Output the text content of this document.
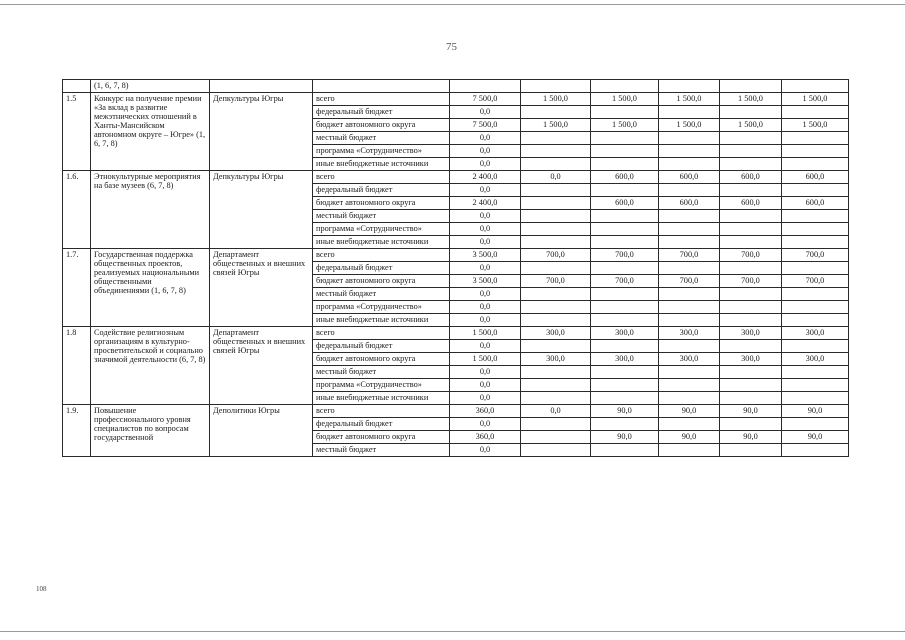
75
	(1, 6, 7, 8)								
1.5	Конкурс на получение премии «За вклад в развитие межэтнических отношений в Ханты-Мансийском автономном округе – Югре» (1, 6, 7, 8)	Депкультуры Югры	всего	7 500,0	1 500,0	1 500,0	1 500,0	1 500,0	1 500,0
			федеральный бюджет	0,0					
			бюджет автономного округа	7 500,0	1 500,0	1 500,0	1 500,0	1 500,0	1 500,0
			местный бюджет	0,0					
			программа «Сотрудничество»	0,0					
			иные внебюджетные источники	0,0					
1.6.	Этнокультурные мероприятия на базе музеев (6, 7, 8)	Депкультуры Югры	всего	2 400,0	0,0	600,0	600,0	600,0	600,0
			федеральный бюджет	0,0					
			бюджет автономного округа	2 400,0		600,0	600,0	600,0	600,0
			местный бюджет	0,0					
			программа «Сотрудничество»	0,0					
			иные внебюджетные источники	0,0					
1.7.	Государственная поддержка общественных проектов, реализуемых национальными общественными объединениями (1, 6, 7, 8)	Департамент общественных и внешних связей Югры	всего	3 500,0	700,0	700,0	700,0	700,0	700,0
			федеральный бюджет	0,0					
			бюджет автономного округа	3 500,0	700,0	700,0	700,0	700,0	700,0
			местный бюджет	0,0					
			программа «Сотрудничество»	0,0					
			иные внебюджетные источники	0,0					
1.8	Содействие религиозным организациям в культурно-просветительской и социально значимой деятельности (6, 7, 8)	Департамент общественных и внешних связей Югры	всего	1 500,0	300,0	300,0	300,0	300,0	300,0
			федеральный бюджет	0,0					
			бюджет автономного округа	1 500,0	300,0	300,0	300,0	300,0	300,0
			местный бюджет	0,0					
			программа «Сотрудничество»	0,0					
			иные внебюджетные источники	0,0					
1.9.	Повышение профессионального уровня специалистов по вопросам государственной	Деполитики Югры	всего	360,0	0,0	90,0	90,0	90,0	90,0
			федеральный бюджет	0,0					
			бюджет автономного округа	360,0		90,0	90,0	90,0	90,0
			местный бюджет	0,0					
108
